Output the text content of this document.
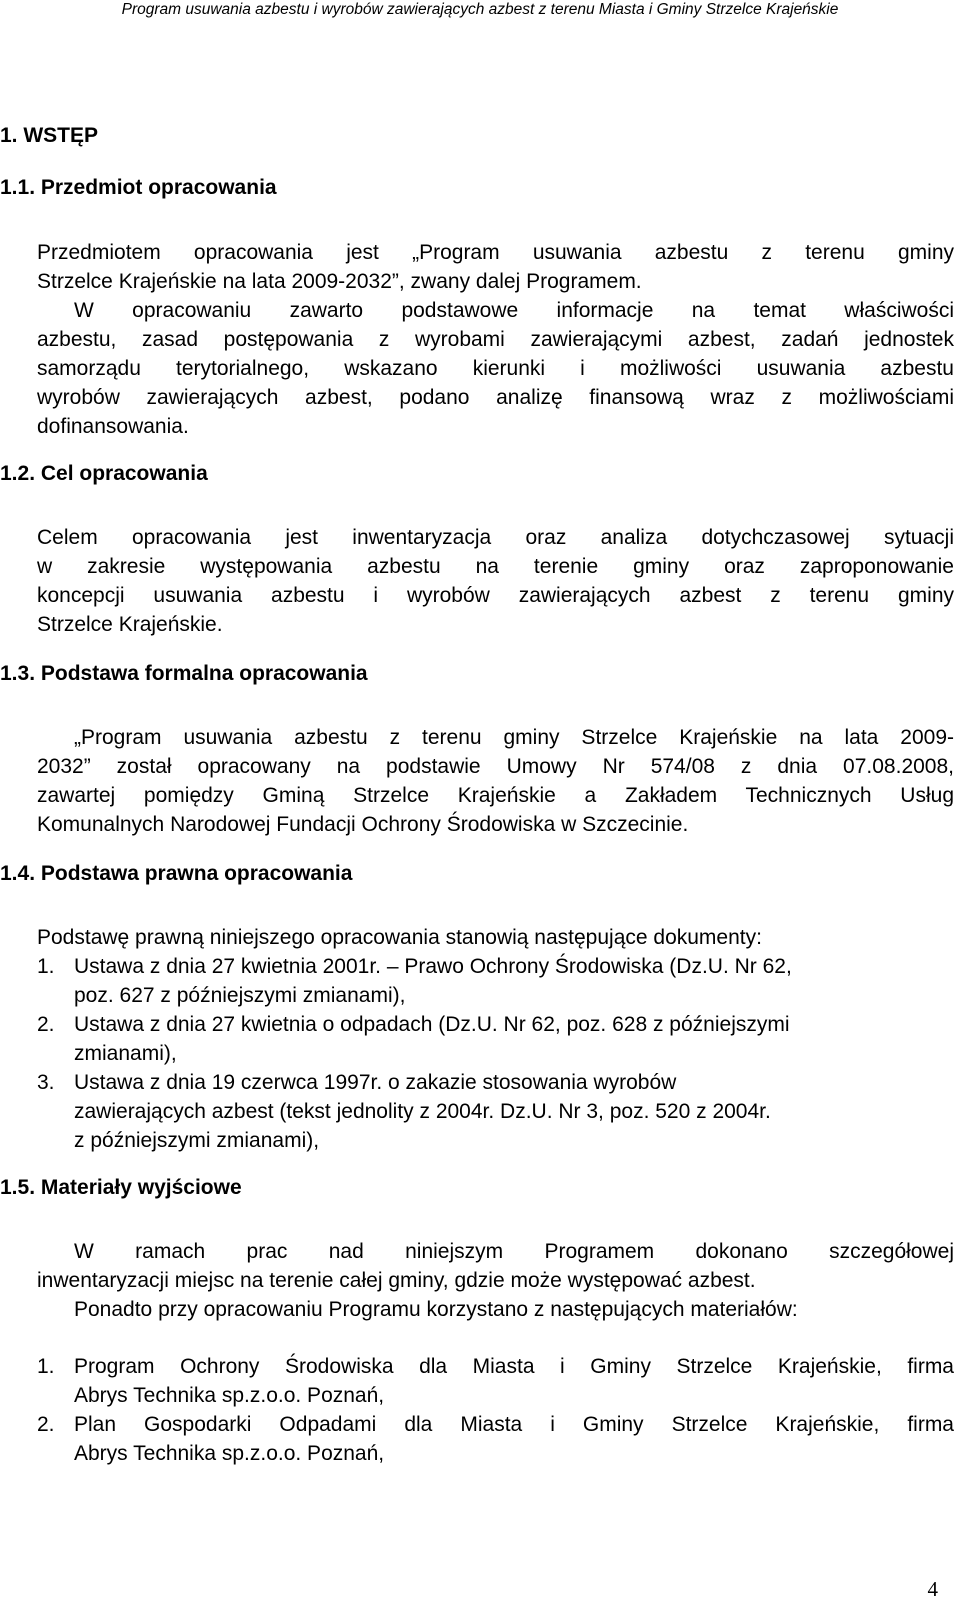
Program usuwania azbestu i wyrobów zawierających azbest z terenu Miasta i Gminy Strzelce Krajeńskie
1. WSTĘP
1.1. Przedmiot opracowania
Przedmiotem opracowania jest „Program usuwania azbestu z terenu gminy
Strzelce Krajeńskie na lata 2009-2032”, zwany dalej Programem.
W opracowaniu zawarto podstawowe informacje na temat właściwości
azbestu, zasad postępowania z wyrobami zawierającymi azbest, zadań jednostek
samorządu terytorialnego, wskazano kierunki i możliwości usuwania azbestu
wyrobów zawierających azbest, podano analizę finansową wraz z możliwościami
dofinansowania.
1.2. Cel opracowania
Celem opracowania jest inwentaryzacja oraz analiza dotychczasowej sytuacji
w zakresie występowania azbestu na terenie gminy oraz zaproponowanie
koncepcji usuwania azbestu i wyrobów zawierających azbest z terenu gminy
Strzelce Krajeńskie.
1.3. Podstawa formalna opracowania
„Program usuwania azbestu z terenu gminy Strzelce Krajeńskie na lata 2009-
2032” został opracowany na podstawie Umowy Nr 574/08 z dnia 07.08.2008,
zawartej pomiędzy Gminą Strzelce Krajeńskie a Zakładem Technicznych Usług
Komunalnych Narodowej Fundacji Ochrony Środowiska w Szczecinie.
1.4. Podstawa prawna opracowania
Podstawę prawną niniejszego opracowania stanowią następujące dokumenty:
1. Ustawa z dnia 27 kwietnia 2001r. – Prawo Ochrony Środowiska (Dz.U. Nr 62,
poz. 627 z późniejszymi zmianami),
2. Ustawa z dnia 27 kwietnia o odpadach (Dz.U. Nr 62, poz. 628 z późniejszymi
zmianami),
3. Ustawa z dnia 19 czerwca 1997r. o zakazie stosowania wyrobów
zawierających azbest (tekst jednolity z 2004r. Dz.U. Nr 3, poz. 520 z 2004r.
z późniejszymi zmianami),
1.5. Materiały wyjściowe
W ramach prac nad niniejszym Programem dokonano szczegółowej
inwentaryzacji miejsc na terenie całej gminy, gdzie może występować azbest.
Ponadto przy opracowaniu Programu korzystano z następujących materiałów:
1. Program Ochrony Środowiska dla Miasta i Gminy Strzelce Krajeńskie, firma
Abrys Technika sp.z.o.o. Poznań,
2. Plan Gospodarki Odpadami dla Miasta i Gminy Strzelce Krajeńskie, firma
Abrys Technika sp.z.o.o. Poznań,
4
